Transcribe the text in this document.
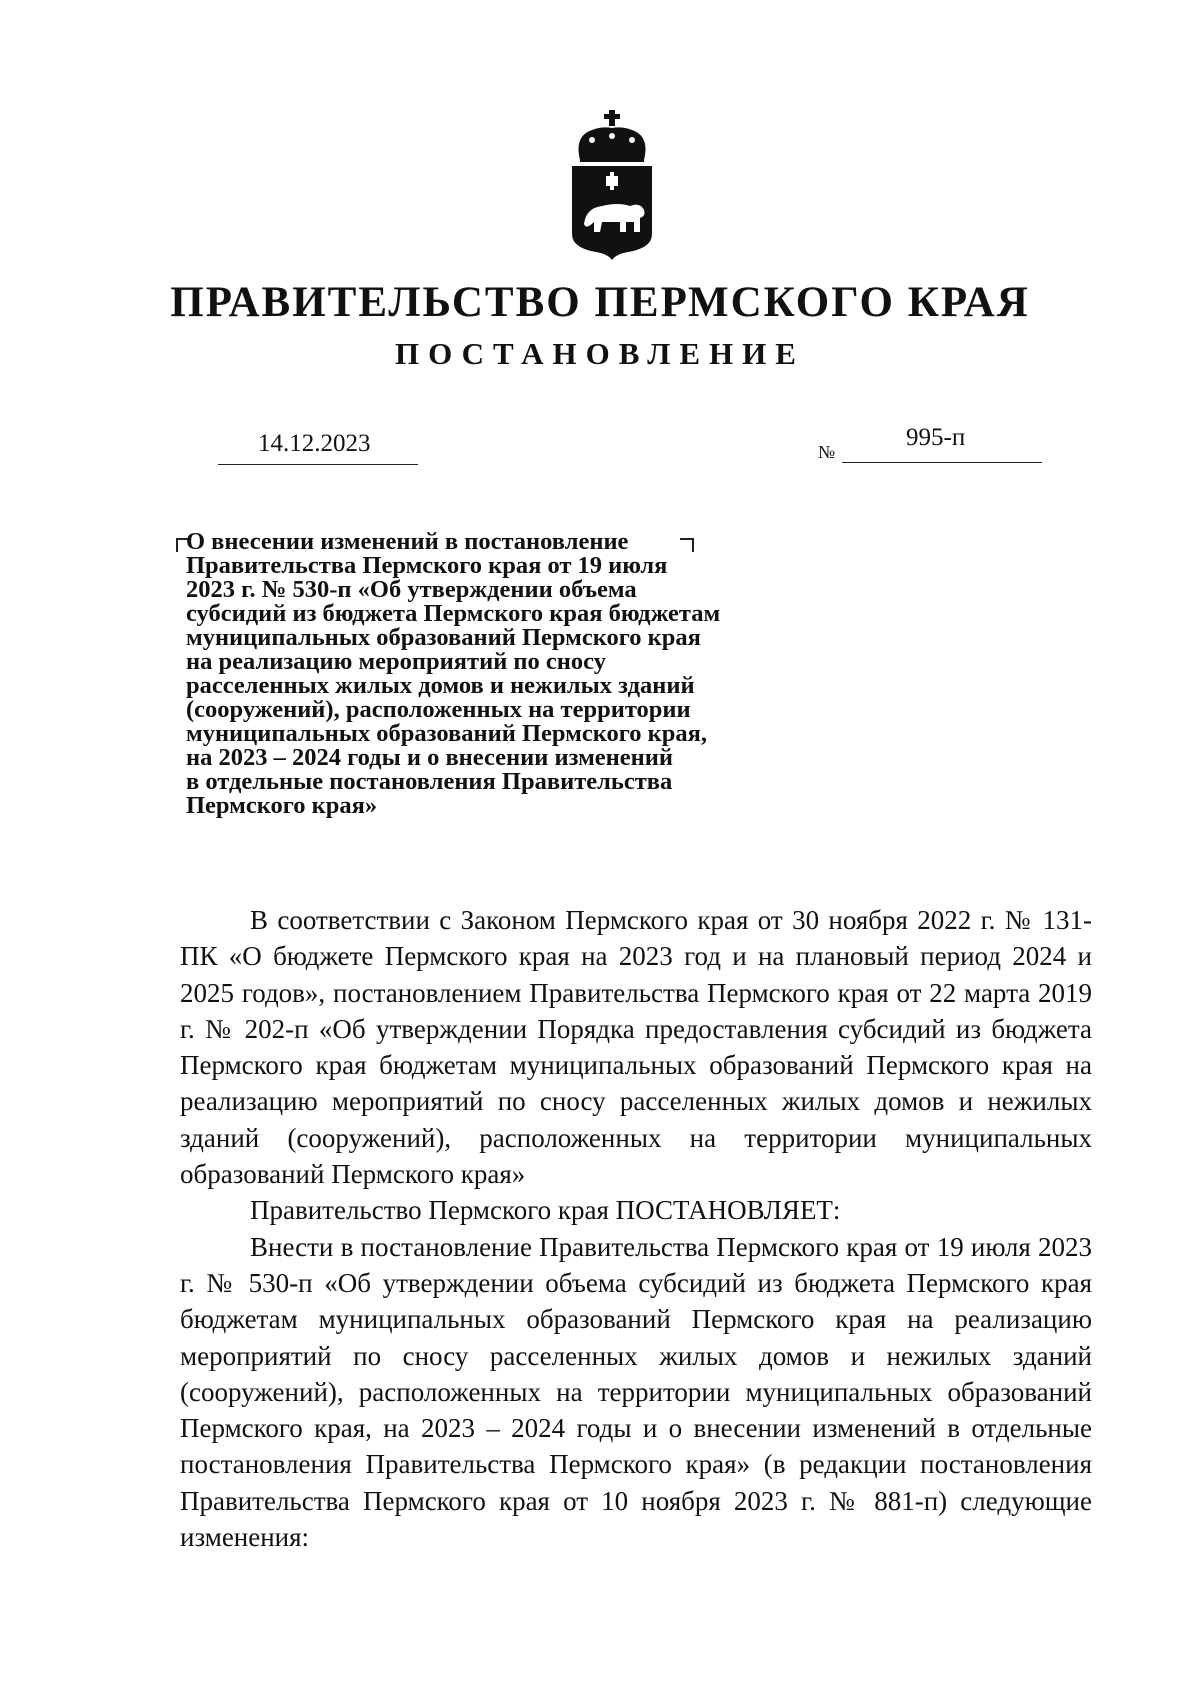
ПРАВИТЕЛЬСТВО ПЕРМСКОГО КРАЯ
ПОСТАНОВЛЕНИЕ
14.12.2023	№
995-п
О внесении изменений в постановление
Правительства Пермского края от 19 июля
2023 г. № 530-п «Об утверждении объема
субсидий из бюджета Пермского края бюджетам
муниципальных образований Пермского края
на реализацию мероприятий по сносу
расселенных жилых домов и нежилых зданий
(сооружений), расположенных на территории
муниципальных образований Пермского края,
на 2023 – 2024 годы и о внесении изменений
в отдельные постановления Правительства
Пермского края»

В соответствии с Законом Пермского края от 30 ноября 2022 г. № 131-ПК «О бюджете Пермского края на 2023 год и на плановый период 2024 и 2025 годов», постановлением Правительства Пермского края от 22 марта 2019 г. № 202-п «Об утверждении Порядка предоставления субсидий из бюджета Пермского края бюджетам муниципальных образований Пермского края на реализацию мероприятий по сносу расселенных жилых домов и нежилых зданий (сооружений), расположенных на территории муниципальных образований Пермского края»

Правительство Пермского края ПОСТАНОВЛЯЕТ:

Внести в постановление Правительства Пермского края от 19 июля 2023 г. № 530-п «Об утверждении объема субсидий из бюджета Пермского края бюджетам муниципальных образований Пермского края на реализацию мероприятий по сносу расселенных жилых домов и нежилых зданий (сооружений), расположенных на территории муниципальных образований Пермского края, на 2023 – 2024 годы и о внесении изменений в отдельные постановления Правительства Пермского края» (в редакции постановления Правительства Пермского края от 10 ноября 2023 г. № 881-п) следующие изменения:
